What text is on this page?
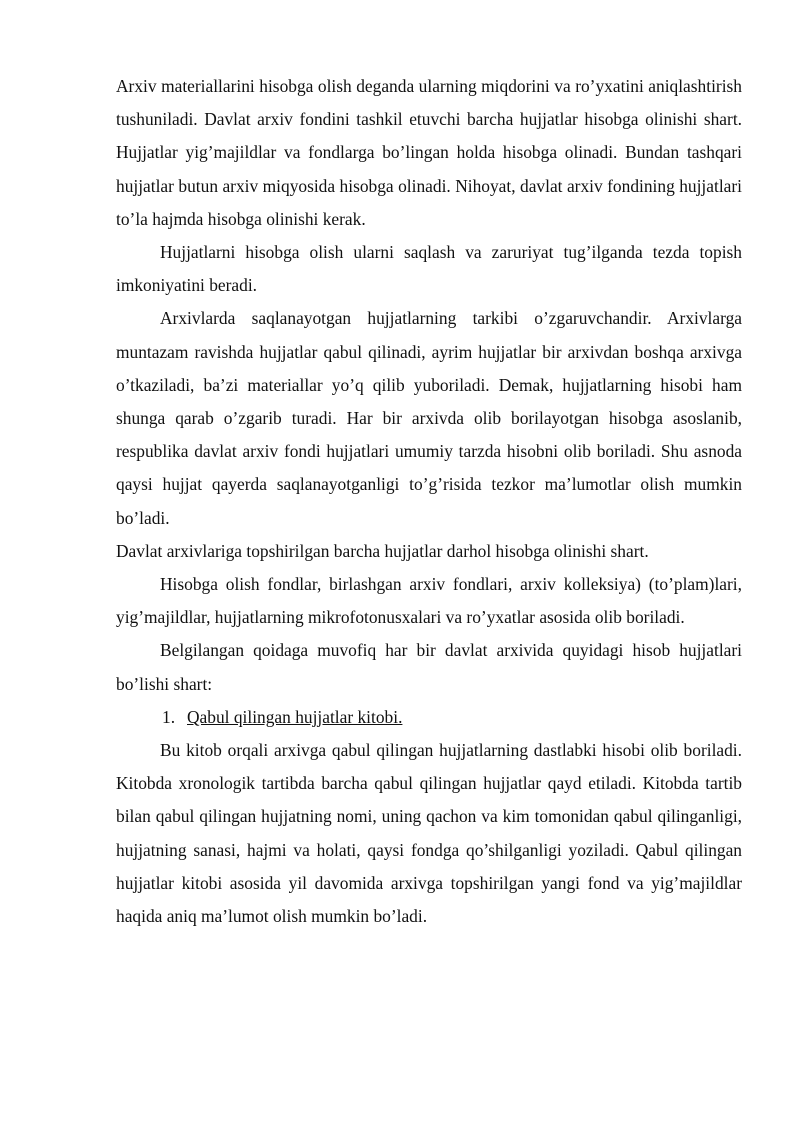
Arxiv materiallarini hisobga olish deganda ularning miqdorini va ro’yxatini aniqlashtirish tushuniladi. Davlat arxiv fondini tashkil etuvchi barcha hujjatlar hisobga olinishi shart. Hujjatlar yig’majildlar va fondlarga bo’lingan holda hisobga olinadi. Bundan tashqari hujjatlar butun arxiv miqyosida hisobga olinadi. Nihoyat, davlat arxiv fondining hujjatlari to’la hajmda hisobga olinishi kerak.

Hujjatlarni hisobga olish ularni saqlash va zaruriyat tug’ilganda tezda topish imkoniyatini beradi.

Arxivlarda saqlanayotgan hujjatlarning tarkibi o’zgaruvchandir. Arxivlarga muntazam ravishda hujjatlar qabul qilinadi, ayrim hujjatlar bir arxivdan boshqa arxivga o’tkaziladi, ba’zi materiallar yo’q qilib yuboriladi. Demak, hujjatlarning hisobi ham shunga qarab o’zgarib turadi. Har bir arxivda olib borilayotgan hisobga asoslanib, respublika davlat arxiv fondi hujjatlari umumiy tarzda hisobni olib boriladi. Shu asnoda qaysi hujjat qayerda saqlanayotganligi to’g’risida tezkor ma’lumotlar olish mumkin bo’ladi.

Davlat arxivlariga topshirilgan barcha hujjatlar darhol hisobga olinishi shart.

Hisobga olish fondlar, birlashgan arxiv fondlari, arxiv kolleksiya) (to’plam)lari, yig’majildlar, hujjatlarning mikrofotonusxalari va ro’yxatlar asosida olib boriladi.

Belgilangan qoidaga muvofiq har bir davlat arxivida quyidagi hisob hujjatlari bo’lishi shart:

1. Qabul qilingan hujjatlar kitobi.

Bu kitob orqali arxivga qabul qilingan hujjatlarning dastlabki hisobi olib boriladi. Kitobda xronologik tartibda barcha qabul qilingan hujjatlar qayd etiladi. Kitobda tartib bilan qabul qilingan hujjatning nomi, uning qachon va kim tomonidan qabul qilinganligi, hujjatning sanasi, hajmi va holati, qaysi fondga qo’shilganligi yoziladi. Qabul qilingan hujjatlar kitobi asosida yil davomida arxivga topshirilgan yangi fond va yig’majildlar haqida aniq ma’lumot olish mumkin bo’ladi.
